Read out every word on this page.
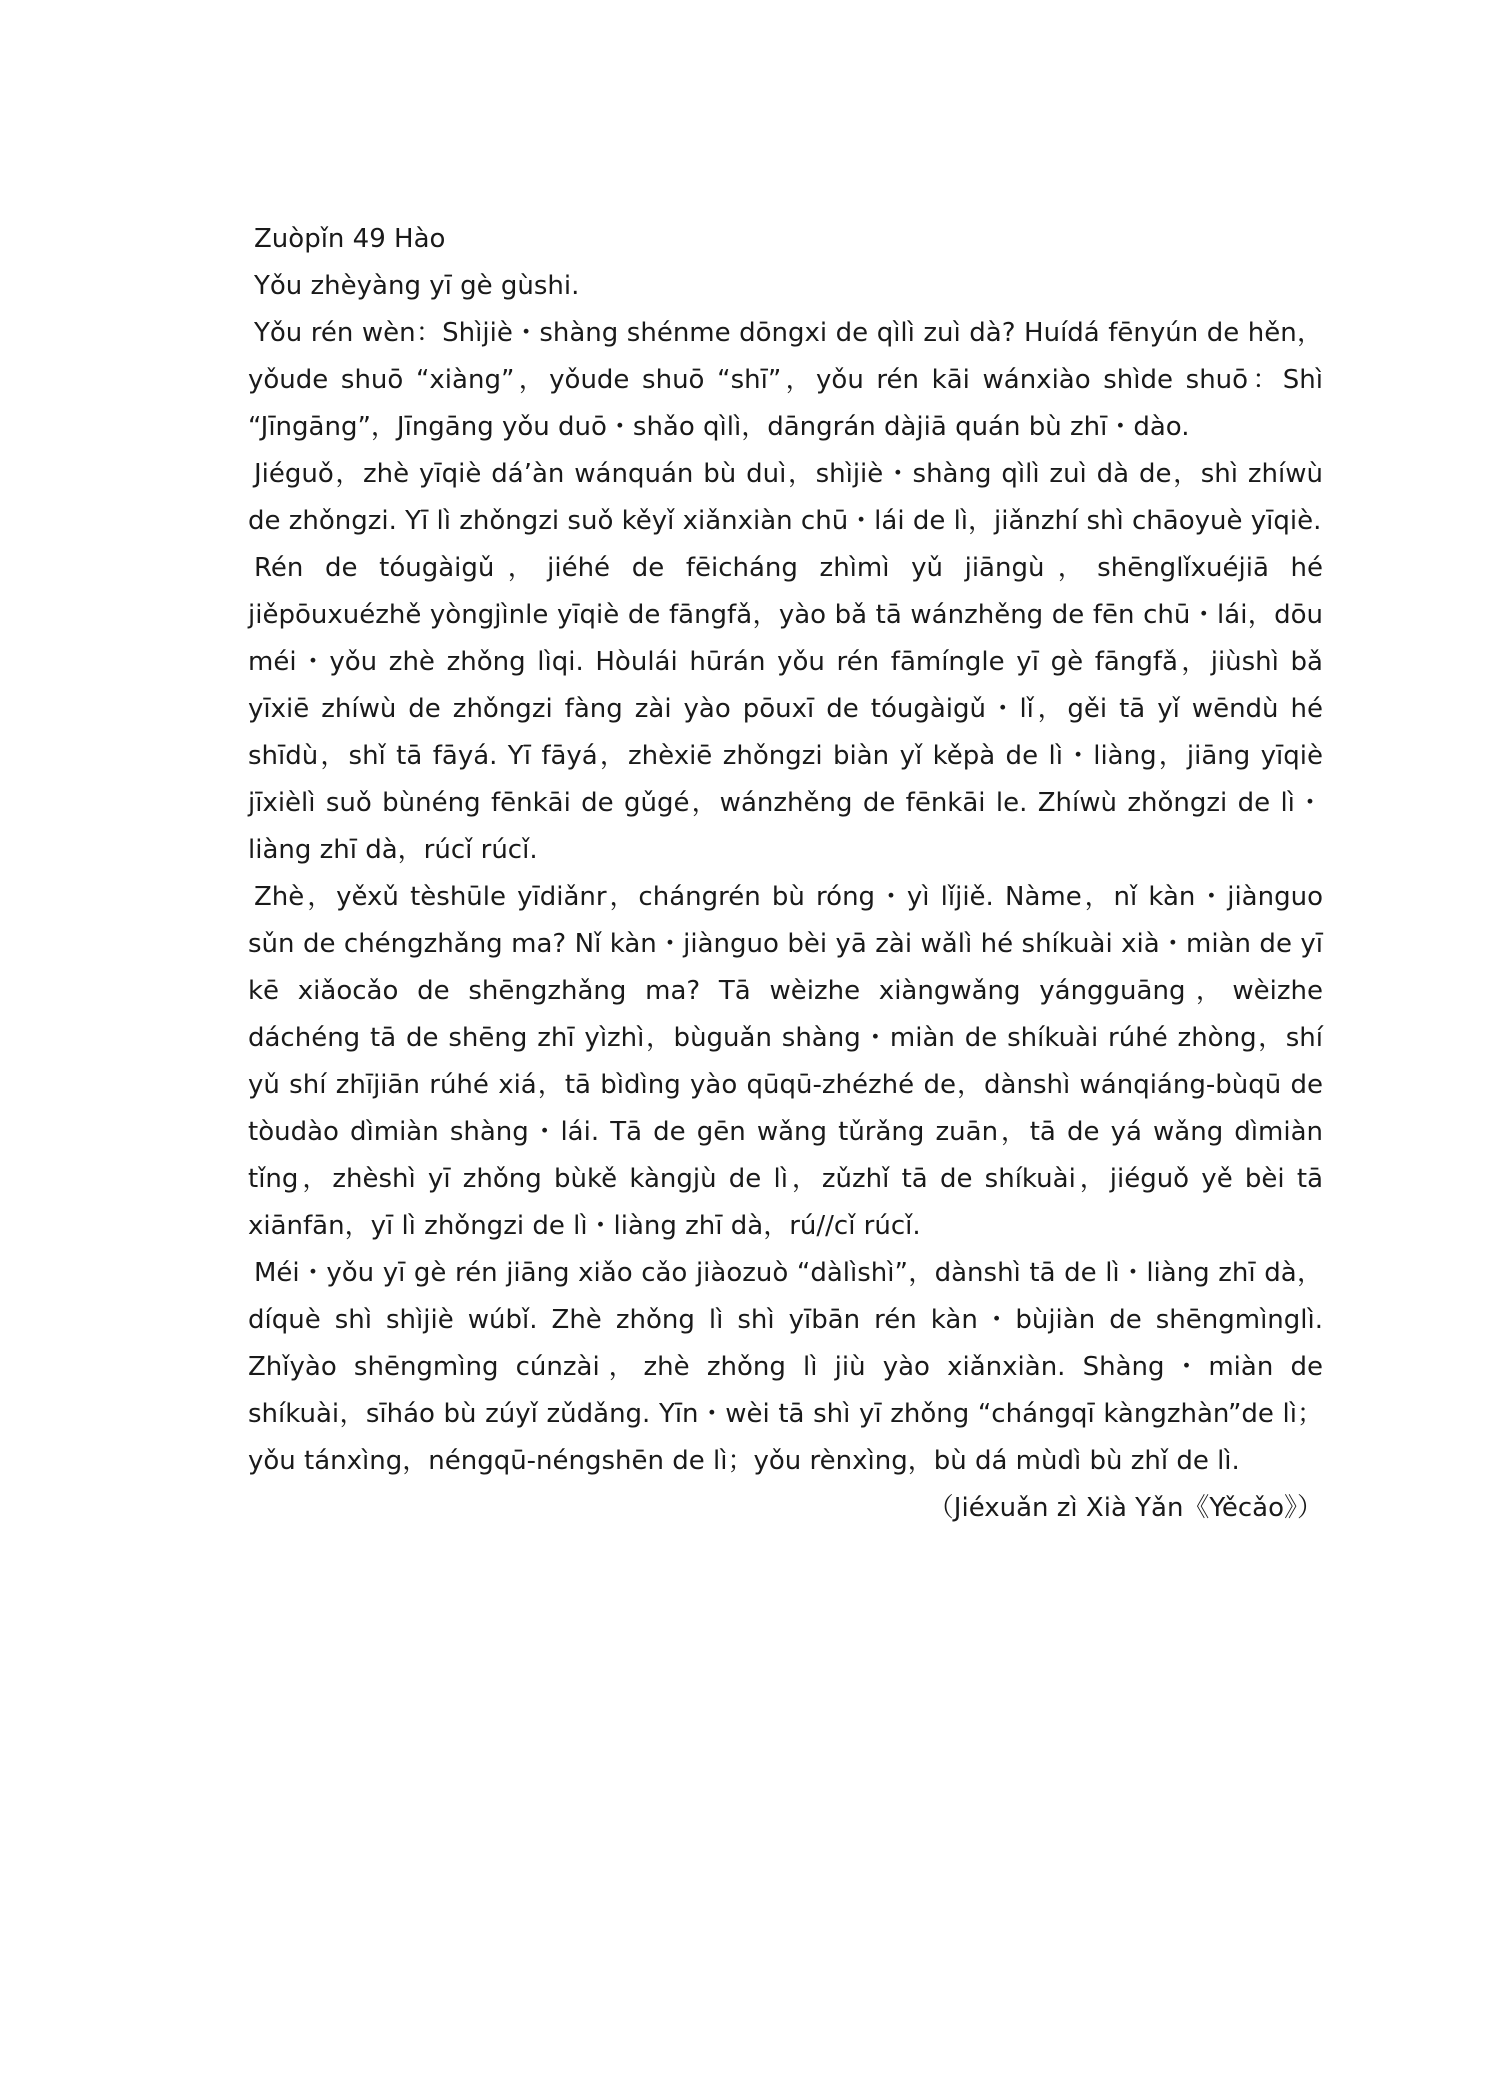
Zuòpǐn 49 Hào

Yǒu zhèyàng yī gè gùshi.

Yǒu rén wèn：Shìjiè・shàng shénme dōngxi de qìlì zuì dà? Huídá fēnyún de hěn，yǒude shuō “xiàng”，yǒude shuō “shī”，yǒu rén kāi wánxiào shìde shuō：Shì “Jīngāng”，Jīngāng yǒu duō・shǎo qìlì，dāngrán dàjiā quán bù zhī・dào.

Jiéguǒ，zhè yīqiè dá’àn wánquán bù duì，shìjiè・shàng qìlì zuì dà de，shì zhíwù de zhǒngzi. Yī lì zhǒngzi suǒ kěyǐ xiǎnxiàn chū・lái de lì，jiǎnzhí shì chāoyuè yīqiè.

Rén de tóugàigǔ，jiéhé de fēicháng zhìmì yǔ jiāngù，shēnglǐxuéjiā hé jiěpōuxuézhě yòngjìnle yīqiè de fāngfǎ，yào bǎ tā wánzhěng de fēn chū・lái，dōu méi・yǒu zhè zhǒng lìqi. Hòulái hūrán yǒu rén fāmíngle yī gè fāngfǎ，jiùshì bǎ yīxiē zhíwù de zhǒngzi fàng zài yào pōuxī de tóugàigǔ・lǐ，gěi tā yǐ wēndù hé shīdù，shǐ tā fāyá. Yī fāyá，zhèxiē zhǒngzi biàn yǐ kěpà de lì・liàng，jiāng yīqiè jīxièlì suǒ bùnéng fēnkāi de gǔgé，wánzhěng de fēnkāi le. Zhíwù zhǒngzi de lì・liàng zhī dà，rúcǐ rúcǐ.

Zhè，yěxǔ tèshūle yīdiǎnr，chángrén bù róng・yì lǐjiě. Nàme，nǐ kàn・jiànguo sǔn de chéngzhǎng ma? Nǐ kàn・jiànguo bèi yā zài wǎlì hé shíkuài xià・miàn de yī kē xiǎocǎo de shēngzhǎng ma? Tā wèizhe xiàngwǎng yángguāng，wèizhe dáchéng tā de shēng zhī yìzhì，bùguǎn shàng・miàn de shíkuài rúhé zhòng，shí yǔ shí zhījiān rúhé xiá，tā bìdìng yào qūqū-zhézhé de，dànshì wánqiáng-bùqū de tòudào dìmiàn shàng・lái. Tā de gēn wǎng tǔrǎng zuān，tā de yá wǎng dìmiàn tǐng，zhèshì yī zhǒng bùkě kàngjù de lì，zǔzhǐ tā de shíkuài，jiéguǒ yě bèi tā xiānfān，yī lì zhǒngzi de lì・liàng zhī dà，rú//cǐ rúcǐ.

Méi・yǒu yī gè rén jiāng xiǎo cǎo jiàozuò “dàlìshì”，dànshì tā de lì・liàng zhī dà，díquè shì shìjiè wúbǐ. Zhè zhǒng lì shì yībān rén kàn・bùjiàn de shēngmìnglì. Zhǐyào shēngmìng cúnzài，zhè zhǒng lì jiù yào xiǎnxiàn. Shàng・miàn de shíkuài，sīháo bù zúyǐ zǔdǎng. Yīn・wèi tā shì yī zhǒng “chángqī kàngzhàn”de lì；yǒu tánxìng，néngqū-néngshēn de lì；yǒu rènxìng，bù dá mùdì bù zhǐ de lì.

（Jiéxuǎn zì Xià Yǎn《Yěcǎo》）
